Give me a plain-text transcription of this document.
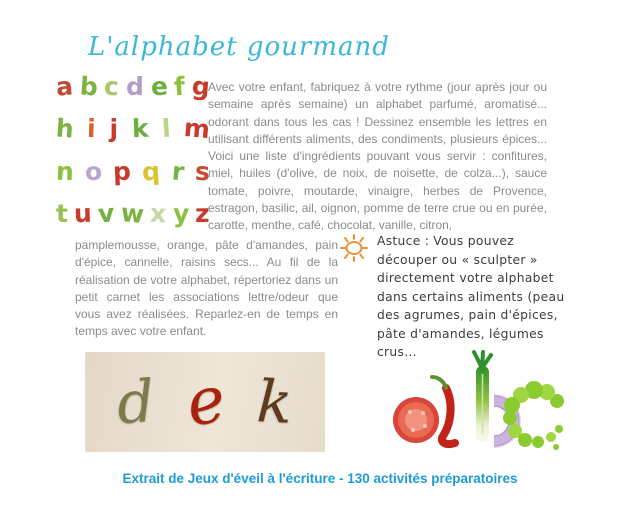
L'alphabet gourmand
a b c d e f g
h i j k l m
n o p q r s
t u v w x y z
Avec votre enfant, fabriquez à votre rythme (jour après jour ou semaine après semaine) un alphabet parfumé, aromatisé... odorant dans tous les cas ! Dessinez ensemble les lettres en utilisant différents aliments, des condiments, plusieurs épices... Voici une liste d'ingrédients pouvant vous servir : confitures, miel, huiles (d'olive, de noix, de noisette, de colza...), sauce tomate, poivre, moutarde, vinaigre, herbes de Provence, estragon, basilic, ail, oignon, pomme de terre crue ou en purée, carotte, menthe, café, chocolat, vanille, citron,
pamplemousse, orange, pâte d'amandes, pain d'épice, cannelle, raisins secs... Au fil de la réalisation de votre alphabet, répertoriez dans un petit carnet les associations lettre/odeur que vous avez réalisées. Reparlez-en de temps en temps avec votre enfant.
Astuce : Vous pouvez découper ou « sculpter » directement votre alphabet dans certains aliments (peau des agrumes, pain d'épices, pâte d'amandes, légumes crus...
d e k
Extrait de Jeux d'éveil à l'écriture - 130 activités préparatoires
